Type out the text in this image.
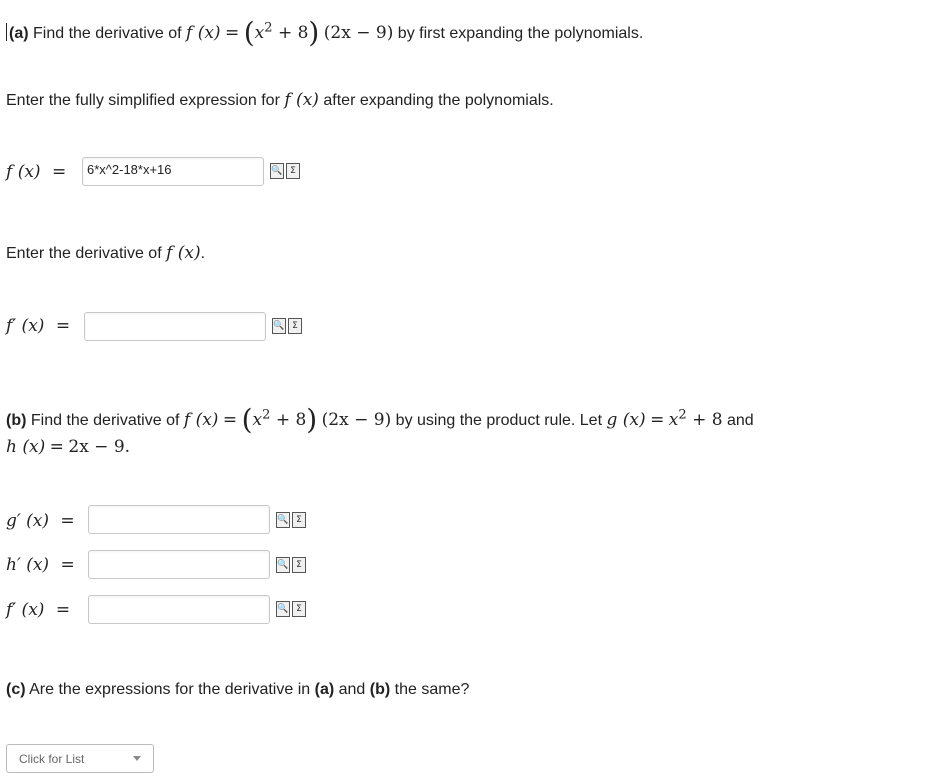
(a) Find the derivative of f $(x) = (x^2 + 8) (2x - 9)$ by first expanding the polynomials.
Enter the fully simplified expression for f (x) after expanding the polynomials.
f (x) =	6*x^2-18*x+16	🔍 Σ
Enter the derivative of f (x).
f′ (x) =	🔍 Σ
(b) Find the derivative of f $(x) = (x^2 + 8) (2x - 9)$ by using the product rule. Let g $(x) = x^2 + 8$ and
h (x) = 2x − 9.
g′ (x) =	🔍 Σ
h′ (x) =	🔍 Σ
f′ (x) =	🔍 Σ
(c) Are the expressions for the derivative in (a) and (b) the same?
Click for List
